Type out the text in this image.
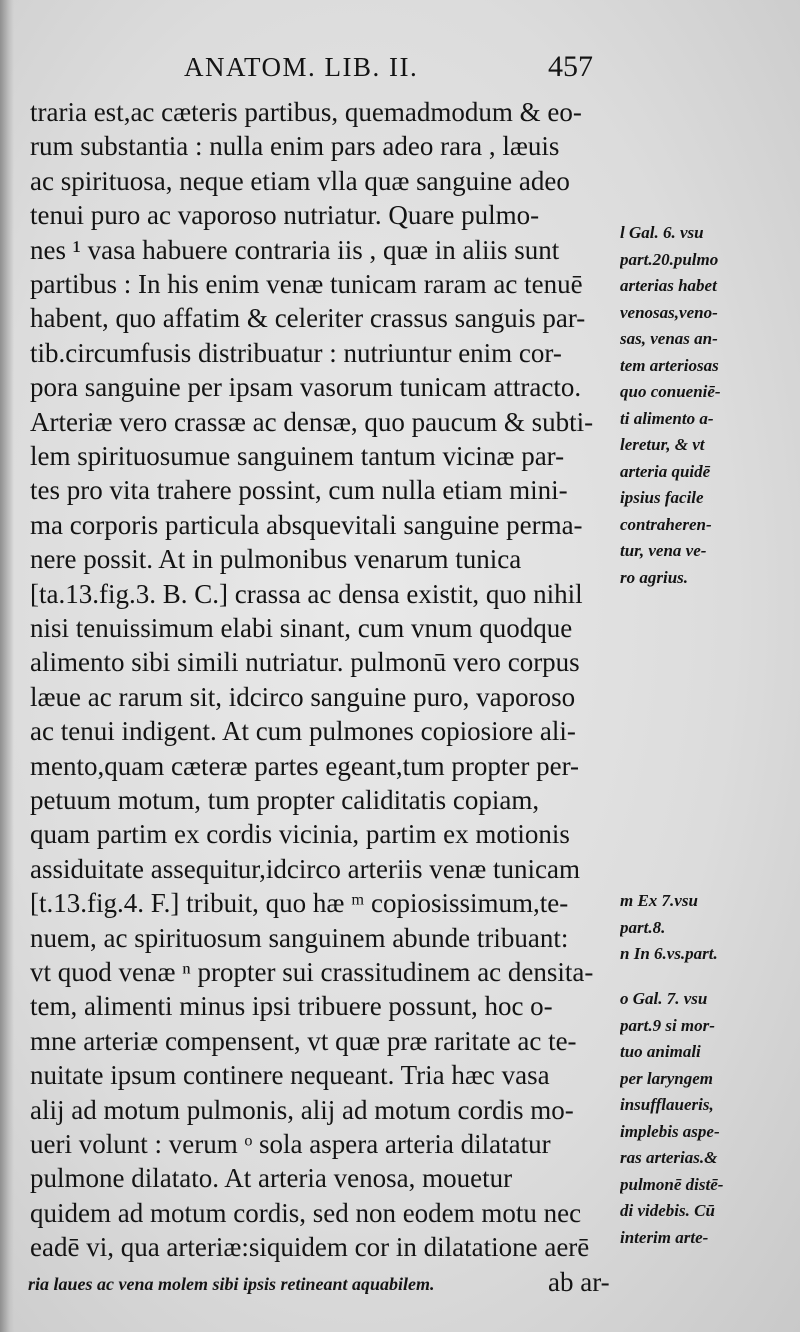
ANATOM. LIB. II.	457
traria est,ac cæteris partibus, quemadmodum & eo-
rum substantia : nulla enim pars adeo rara , læuis
ac spirituosa, neque etiam vlla quæ sanguine adeo
tenui puro ac vaporoso nutriatur. Quare pulmo-
nes ¹ vasa habuere contraria iis , quæ in aliis sunt
partibus : In his enim venæ tunicam raram ac tenuē
habent, quo affatim & celeriter crassus sanguis par-
tib.circumfusis distribuatur : nutriuntur enim cor-
pora sanguine per ipsam vasorum tunicam attracto.
Arteriæ vero crassæ ac densæ, quo paucum & subti-
lem spirituosumue sanguinem tantum vicinæ par-
tes pro vita trahere possint, cum nulla etiam mini-
ma corporis particula absquevitali sanguine perma-
nere possit. At in pulmonibus venarum tunica
[ta.13.fig.3. B. C.] crassa ac densa existit, quo nihil
nisi tenuissimum elabi sinant, cum vnum quodque
alimento sibi simili nutriatur. pulmonū vero corpus
læue ac rarum sit, idcirco sanguine puro, vaporoso
ac tenui indigent. At cum pulmones copiosiore ali-
mento,quam cæteræ partes egeant,tum propter per-
petuum motum, tum propter caliditatis copiam,
quam partim ex cordis vicinia, partim ex motionis
assiduitate assequitur,idcirco arteriis venæ tunicam
[t.13.fig.4. F.] tribuit, quo hæ ᵐ copiosissimum,te-
nuem, ac spirituosum sanguinem abunde tribuant:
vt quod venæ ⁿ propter sui crassitudinem ac densita-
tem, alimenti minus ipsi tribuere possunt, hoc o-
mne arteriæ compensent, vt quæ præ raritate ac te-
nuitate ipsum continere nequeant. Tria hæc vasa
alij ad motum pulmonis, alij ad motum cordis mo-
ueri volunt : verum ᵒ sola aspera arteria dilatatur
pulmone dilatato. At arteria venosa, mouetur
quidem ad motum cordis, sed non eodem motu nec
eadē vi, qua arteriæ:siquidem cor in dilatatione aerē
ab ar-
l Gal. 6. vsu
part.20.pulmo
arterias habet
venosas,veno-
sas, venas an-
tem arteriosas
quo conueniē-
ti alimento a-
leretur, & vt
arteria quidē
ipsius facile
contraheren-
tur, vena ve-
ro agrius.
m Ex 7.vsu
part.8.
n In 6.vs.part.
o Gal. 7. vsu
part.9 si mor-
tuo animali
per laryngem
insufflaueris,
implebis aspe-
ras arterias.&
pulmonē distē-
di videbis. Cū
interim arte-
ria laues ac vena molem sibi ipsis retineant aquabilem.
